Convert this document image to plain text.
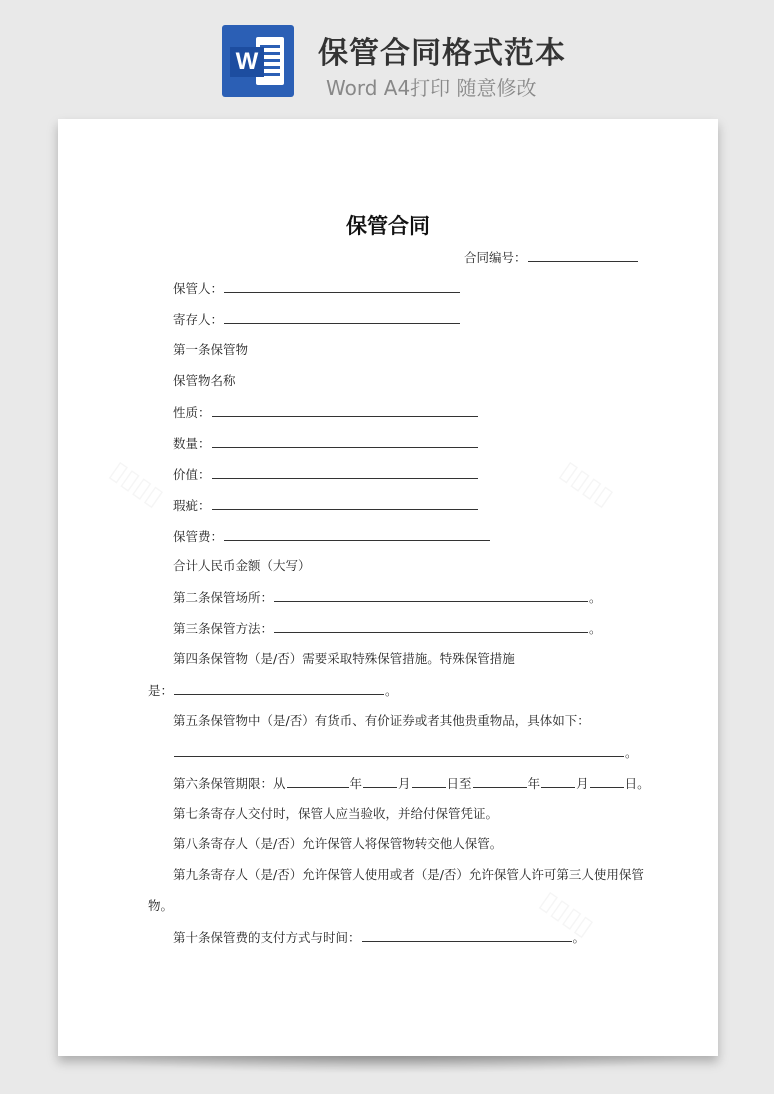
W 保管合同格式范本
Word A4打印 随意修改
保管合同
合同编号：
保管人：
寄存人：
第一条保管物
保管物名称
性质：
数量：
价值：
瑕疵：
保管费：
合计人民币金额（大写）
第二条保管场所：	。
第三条保管方法：	。
第四条保管物（是/否）需要采取特殊保管措施。特殊保管措施
是：	。
第五条保管物中（是/否）有货币、有价证券或者其他贵重物品，具体如下：
。
第六条保管期限：从	年	月	日至	年	月	日。
第七条寄存人交付时，保管人应当验收，并给付保管凭证。
第八条寄存人（是/否）允许保管人将保管物转交他人保管。
第九条寄存人（是/否）允许保管人使用或者（是/否）允许保管人许可第三人使用保管
物。
第十条保管费的支付方式与时间：	。
